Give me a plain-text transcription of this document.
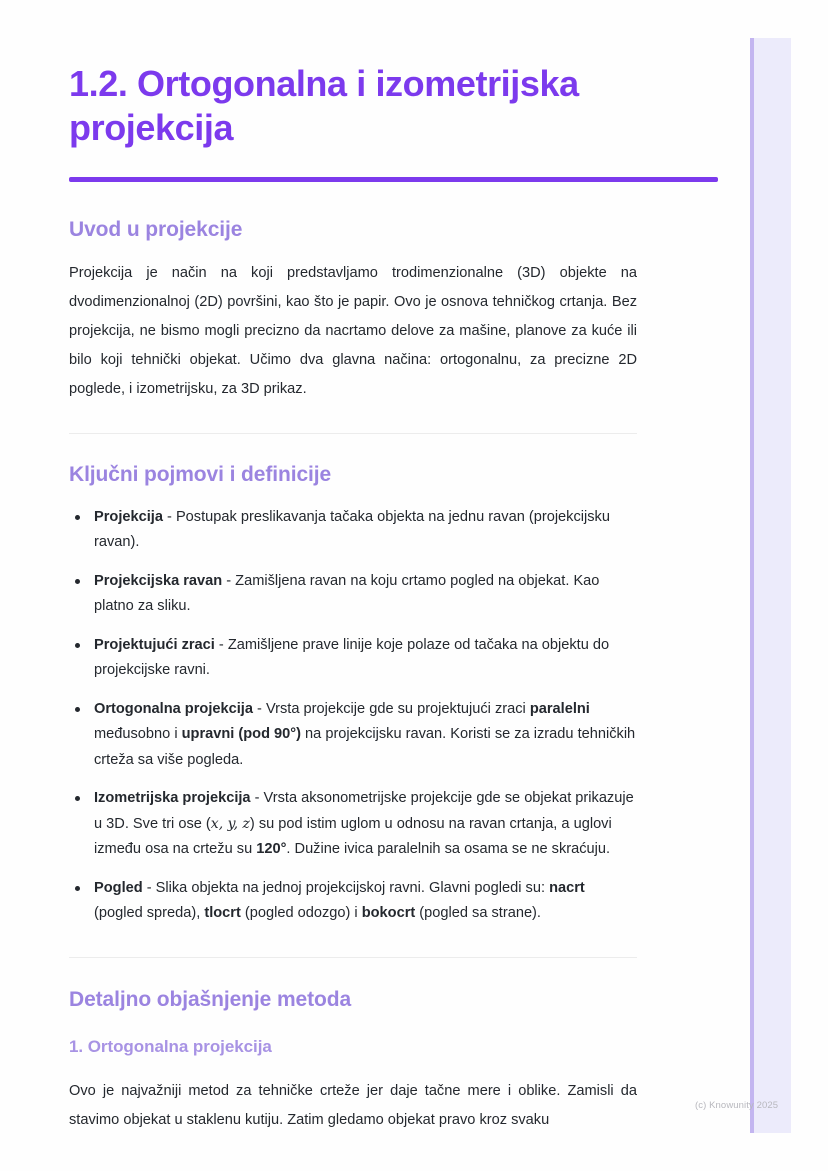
1.2. Ortogonalna i izometrijska projekcija
Uvod u projekcije

Projekcija je način na koji predstavljamo trodimenzionalne (3D) objekte na dvodimenzionalnoj (2D) površini, kao što je papir. Ovo je osnova tehničkog crtanja. Bez projekcija, ne bismo mogli precizno da nacrtamo delove za mašine, planove za kuće ili bilo koji tehnički objekat. Učimo dva glavna načina: ortogonalnu, za precizne 2D poglede, i izometrijsku, za 3D prikaz.

Ključni pojmovi i definicije
Projekcija - Postupak preslikavanja tačaka objekta na jednu ravan (projekcijsku ravan).
Projekcijska ravan - Zamišljena ravan na koju crtamo pogled na objekat. Kao platno za sliku.
Projektujući zraci - Zamišljene prave linije koje polaze od tačaka na objektu do projekcijske ravni.
Ortogonalna projekcija - Vrsta projekcije gde su projektujući zraci paralelni međusobno i upravni (pod 90°) na projekcijsku ravan. Koristi se za izradu tehničkih crteža sa više pogleda.
Izometrijska projekcija - Vrsta aksonometrijske projekcije gde se objekat prikazuje u 3D. Sve tri ose (x, y, z) su pod istim uglom u odnosu na ravan crtanja, a uglovi između osa na crtežu su 120°. Dužine ivica paralelnih sa osama se ne skraćuju.
Pogled - Slika objekta na jednoj projekcijskoj ravni. Glavni pogledi su: nacrt (pogled spreda), tlocrt (pogled odozgo) i bokocrt (pogled sa strane).
Detaljno objašnjenje metoda
1. Ortogonalna projekcija

Ovo je najvažniji metod za tehničke crteže jer daje tačne mere i oblike. Zamisli da stavimo objekat u staklenu kutiju. Zatim gledamo objekat pravo kroz svaku

(c) Knowunity 2025
